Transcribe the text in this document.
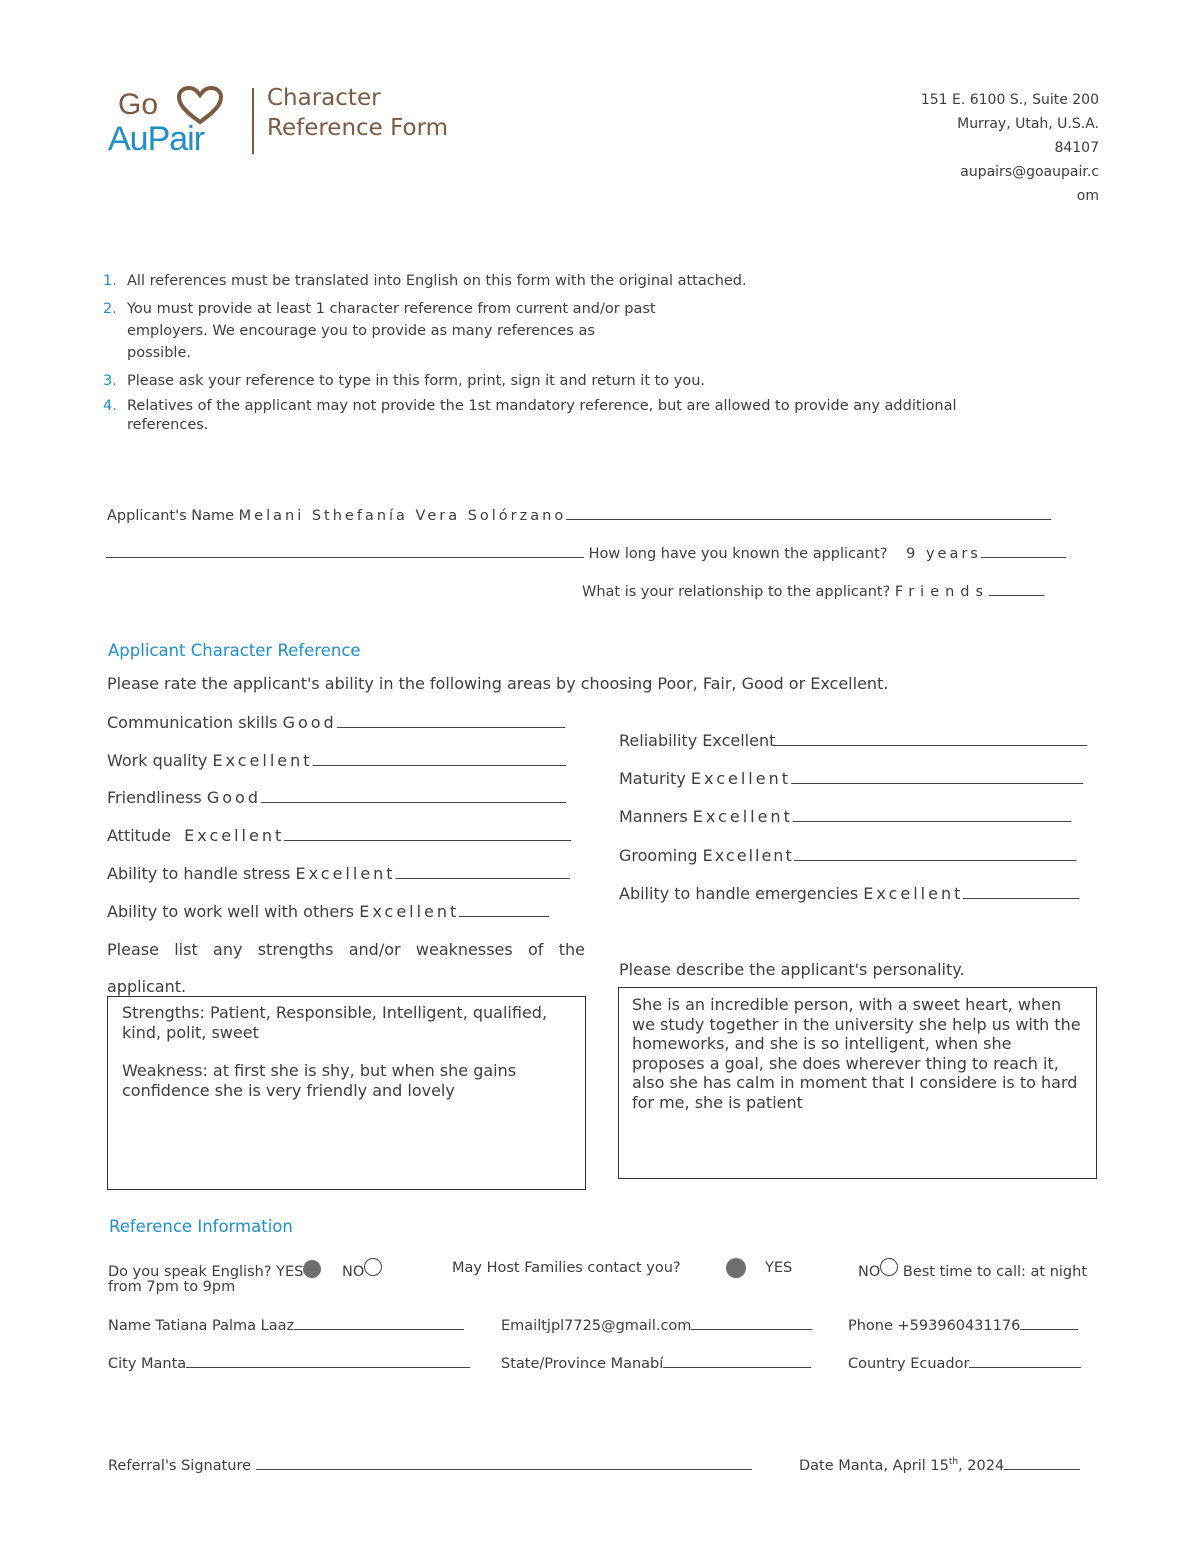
Go
AuPair
Character
Reference Form
151 E. 6100 S., Suite 200
Murray, Utah, U.S.A.
84107
aupairs@goaupair.c
om
1. All references must be translated into English on this form with the original attached.
2. You must provide at least 1 character reference from current and/or past
employers. We encourage you to provide as many references as
possible.
3. Please ask your reference to type in this form, print, sign it and return it to you.
4. Relatives of the applicant may not provide the 1st mandatory reference, but are allowed to provide any additional
references.
Applicant's Name Melani Sthefanía Vera Solórzano
How long have you known the applicant? 9 years
What is your relationship to the applicant? Friends
Applicant Character Reference
Please rate the applicant's ability in the following areas by choosing Poor, Fair, Good or Excellent.
Communication skills Good
Work quality Excellent
Friendliness Good
Attitude Excellent
Ability to handle stress Excellent
Ability to work well with others Excellent
Reliability Excellent
Maturity Excellent
Manners Excellent
Grooming Excellent
Ability to handle emergencies Excellent
Please list any strengths and/or weaknesses of the
applicant.
Strengths: Patient, Responsible, Intelligent, qualified, kind, polit, sweet
Weakness: at first she is shy, but when she gains confidence she is very friendly and lovely
Please describe the applicant's personality.
She is an incredible person, with a sweet heart, when we study together in the university she help us with the homeworks, and she is so intelligent, when she proposes a goal, she does wherever thing to reach it, also she has calm in moment that I considere is to hard for me, she is patient
Reference Information
Do you speak English? YES	NO	May Host Families contact you?	YES	NO Best time to call: at night
from 7pm to 9pm
Name Tatiana Palma Laaz	Emailtjpl7725@gmail.com	Phone +593960431176
City Manta	State/Province Manabí	Country Ecuador
Referral's Signature	Date Manta, April 15th, 2024
